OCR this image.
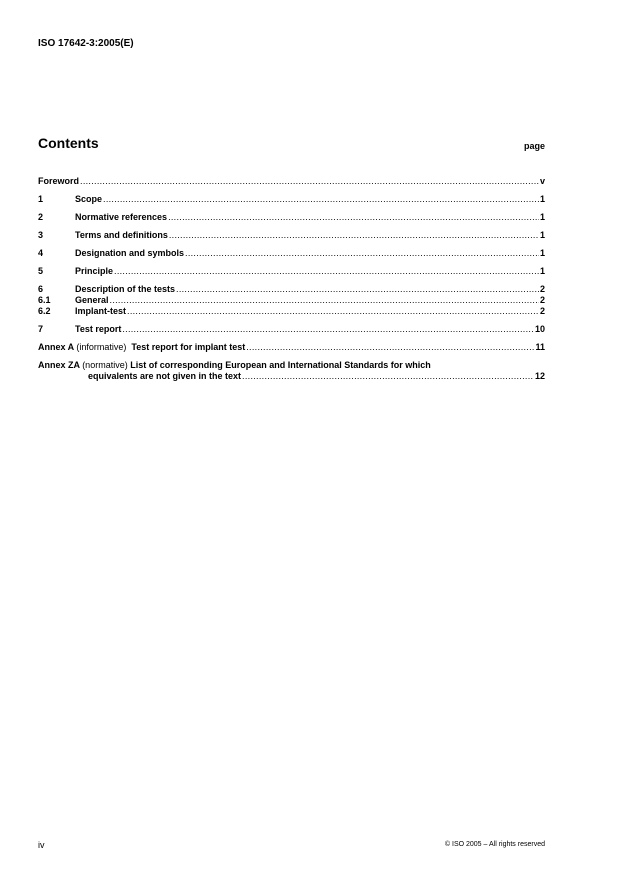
ISO 17642-3:2005(E)
Contents	page
Foreword .....	v
1	Scope .....	1
2	Normative references .....	1
3	Terms and definitions .....	1
4	Designation and symbols .....	1
5	Principle .....	1
6	Description of the tests .....	2
6.1	General .....	2
6.2	Implant-test .....	2
7	Test report .....	10
Annex A (informative) Test report for implant test .....	11
Annex ZA (normative) List of corresponding European and International Standards for which
equivalents are not given in the text .....	12
iv	© ISO 2005 – All rights reserved
